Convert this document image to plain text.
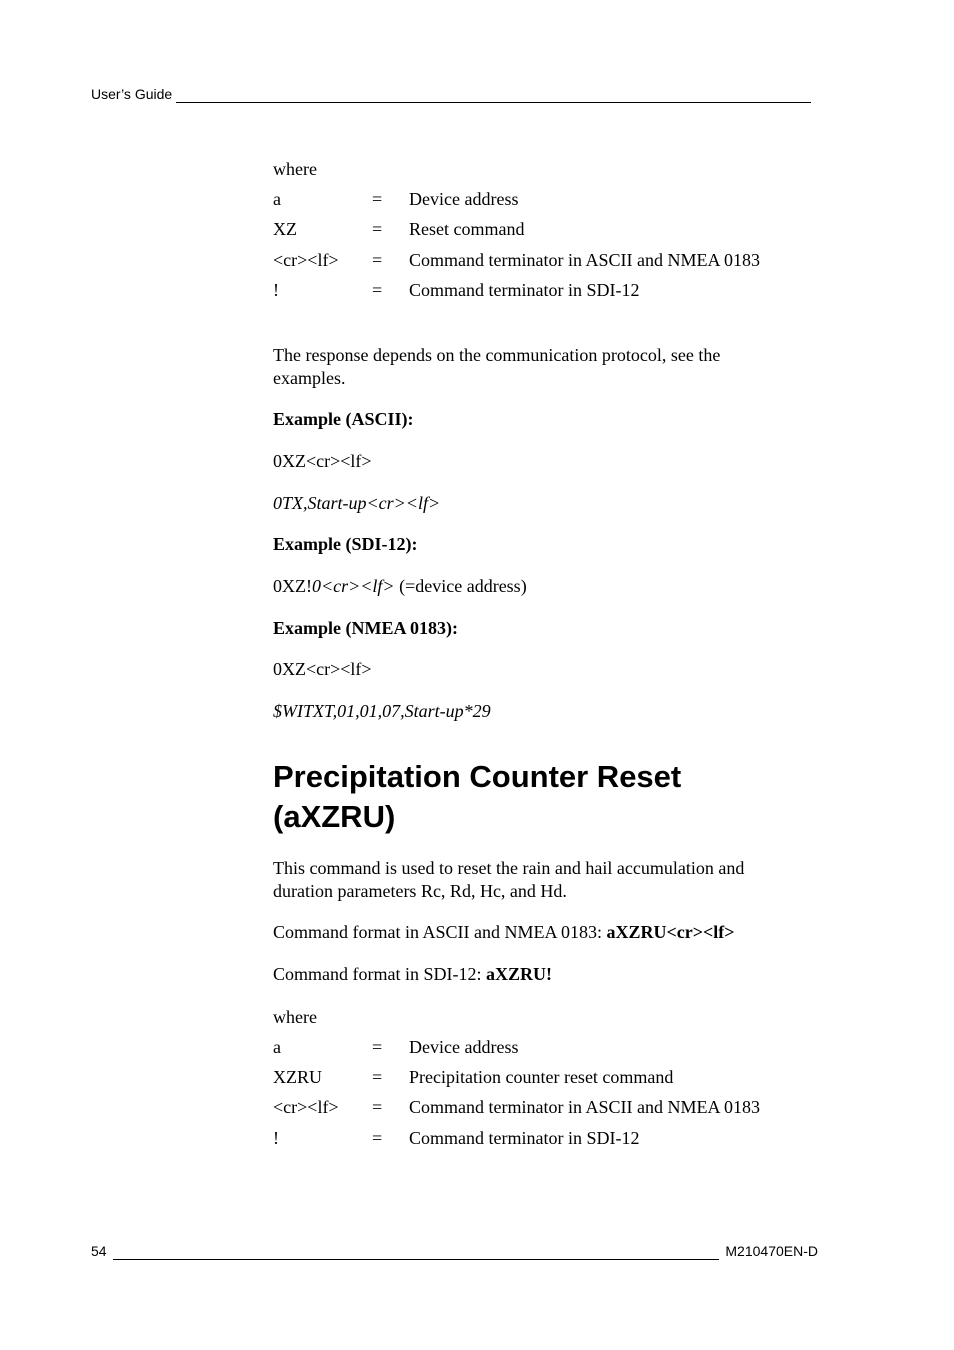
User’s Guide
where
a	= Device address
XZ	= Reset command
<cr><lf> = Command terminator in ASCII and NMEA 0183
!	= Command terminator in SDI-12
The response depends on the communication protocol, see the examples.
Example (ASCII):
0XZ<cr><lf>
0TX,Start-up<cr><lf>
Example (SDI-12):
0XZ!0<cr><lf> (=device address)
Example (NMEA 0183):
0XZ<cr><lf>
$WITXT,01,01,07,Start-up*29
Precipitation Counter Reset (aXZRU)
This command is used to reset the rain and hail accumulation and duration parameters Rc, Rd, Hc, and Hd.
Command format in ASCII and NMEA 0183: aXZRU<cr><lf>
Command format in SDI-12: aXZRU!
where
a	= Device address
XZRU	= Precipitation counter reset command
<cr><lf> = Command terminator in ASCII and NMEA 0183
!	= Command terminator in SDI-12
54	M210470EN-D
